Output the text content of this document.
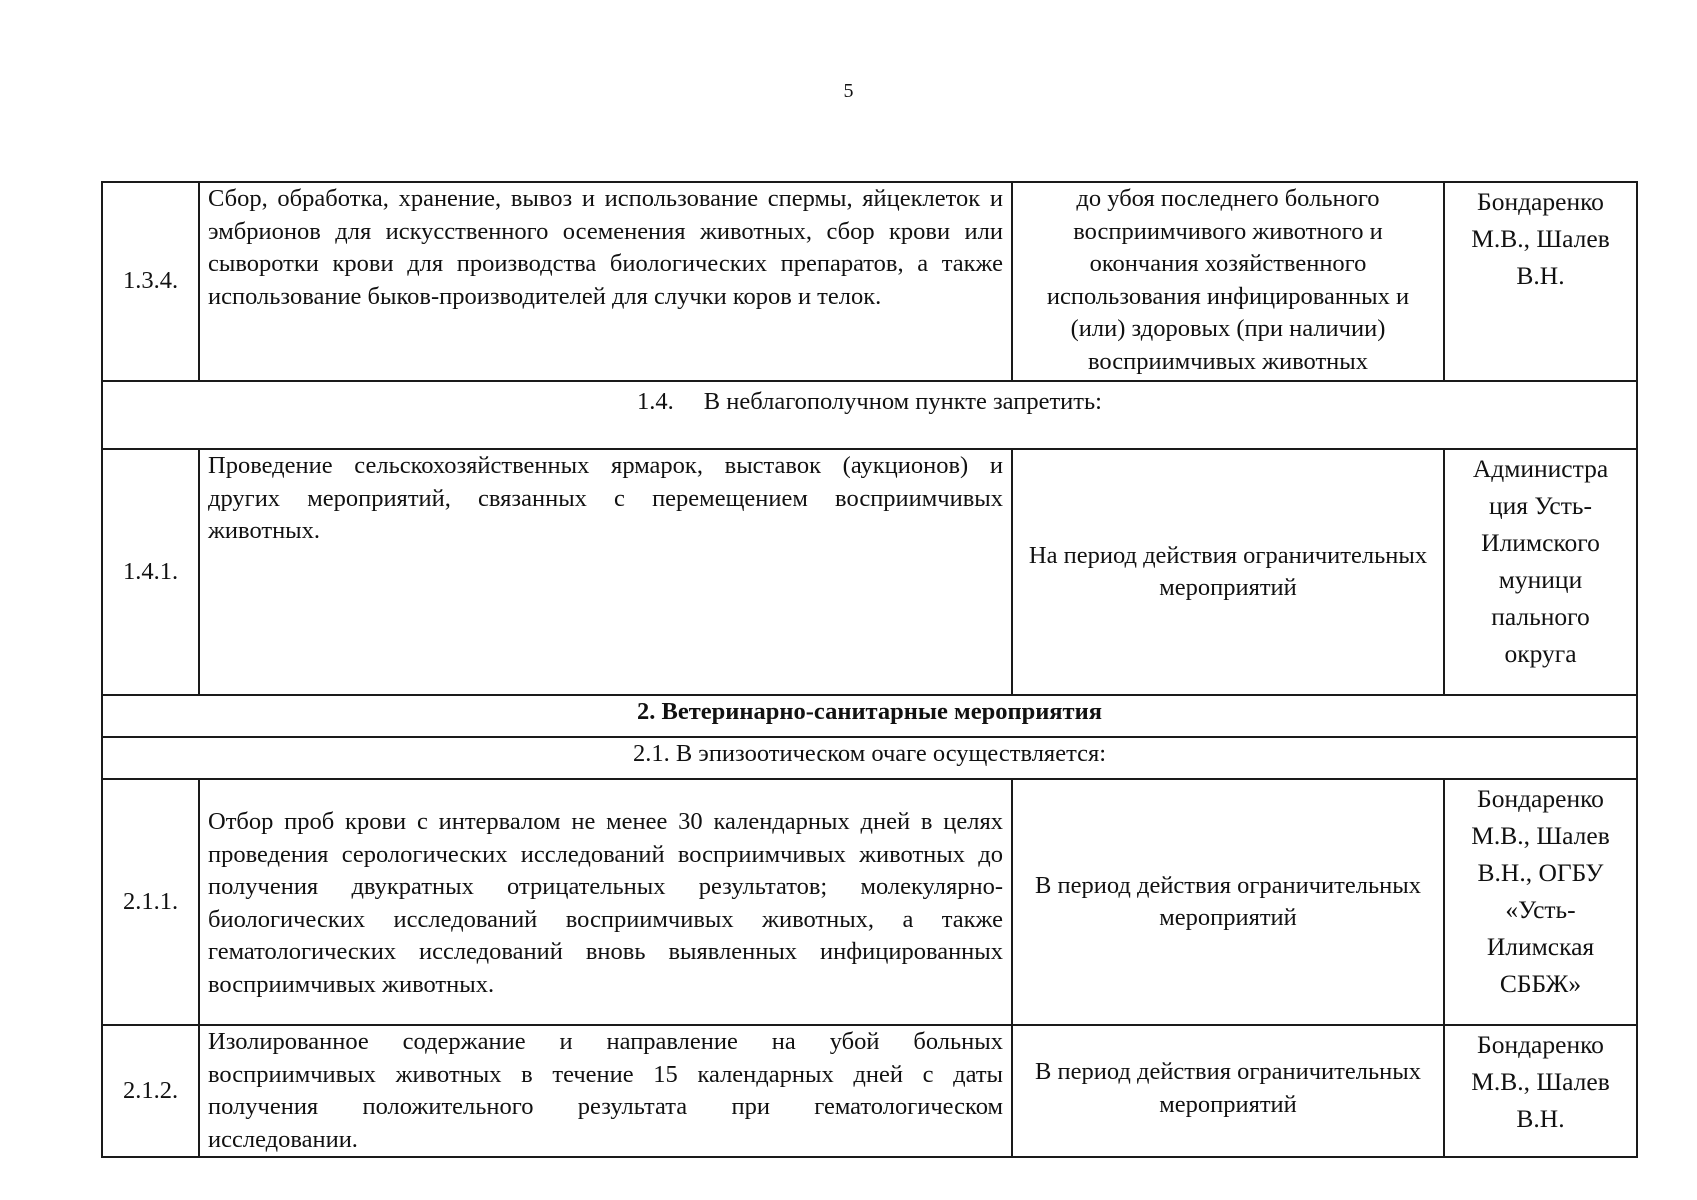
5
1.3.4.	Сбор, обработка, хранение, вывоз и использование спермы, яйцеклеток и эмбрионов для искусственного осеменения животных, сбор крови или сыворотки крови для производства биологических препаратов, а также использование быков-производителей для случки коров и телок.	до убоя последнего больного восприимчивого животного и окончания хозяйственного использования инфицированных и (или) здоровых (при наличии) восприимчивых животных	Бондаренко М.В., Шалев В.Н.
1.4. В неблагополучном пункте запретить:			
1.4.1.	Проведение сельскохозяйственных ярмарок, выставок (аукционов) и других мероприятий, связанных с перемещением восприимчивых животных.	На период действия ограничительных мероприятий	Администра ция Усть-Илимского муници пального округа
2. Ветеринарно-санитарные мероприятия			
2.1. В эпизоотическом очаге осуществляется:			
2.1.1.	Отбор проб крови с интервалом не менее 30 календарных дней в целях проведения серологических исследований восприимчивых животных до получения двукратных отрицательных результатов; молекулярно-биологических исследований восприимчивых животных, а также гематологических исследований вновь выявленных инфицированных восприимчивых животных.	В период действия ограничительных мероприятий	Бондаренко М.В., Шалев В.Н., ОГБУ «Усть-Илимская СББЖ»
2.1.2.	Изолированное содержание и направление на убой больных восприимчивых животных в течение 15 календарных дней с даты получения положительного результата при гематологическом исследовании.	В период действия ограничительных мероприятий	Бондаренко М.В., Шалев В.Н.
